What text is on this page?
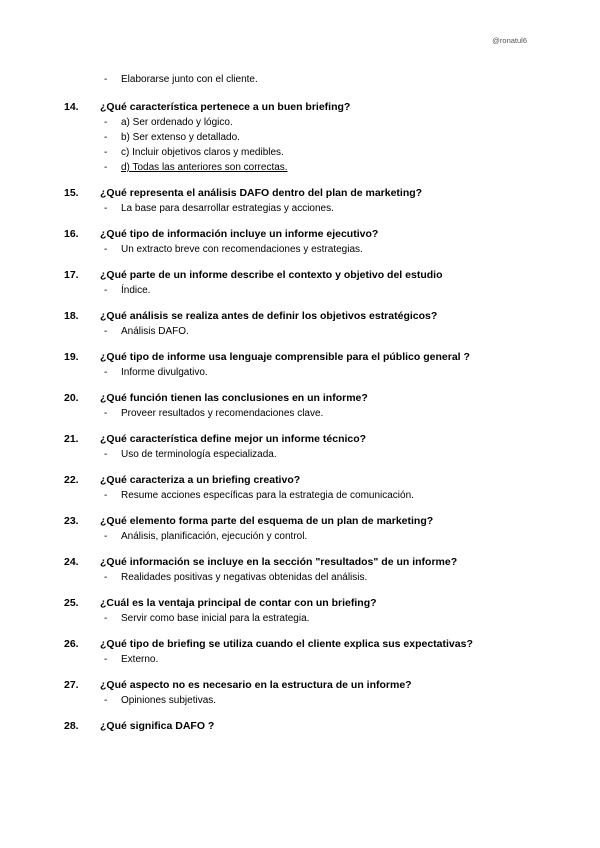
@ronatul6
- Elaborarse junto con el cliente.
14. ¿Qué característica pertenece a un buen briefing?
- a) Ser ordenado y lógico.
- b) Ser extenso y detallado.
- c) Incluir objetivos claros y medibles.
- d) Todas las anteriores son correctas.
15. ¿Qué representa el análisis DAFO dentro del plan de marketing?
- La base para desarrollar estrategias y acciones.
16. ¿Qué tipo de información incluye un informe ejecutivo?
- Un extracto breve con recomendaciones y estrategias.
17. ¿Qué parte de un informe describe el contexto y objetivo del estudio
- Índice.
18. ¿Qué análisis se realiza antes de definir los objetivos estratégicos?
- Análisis DAFO.
19. ¿Qué tipo de informe usa lenguaje comprensible para el público general ?
- Informe divulgativo.
20. ¿Qué función tienen las conclusiones en un informe?
- Proveer resultados y recomendaciones clave.
21. ¿Qué característica define mejor un informe técnico?
- Uso de terminología especializada.
22. ¿Qué caracteriza a un briefing creativo?
- Resume acciones específicas para la estrategia de comunicación.
23. ¿Qué elemento forma parte del esquema de un plan de marketing?
- Análisis, planificación, ejecución y control.
24. ¿Qué información se incluye en la sección "resultados" de un informe?
- Realidades positivas y negativas obtenidas del análisis.
25. ¿Cuál es la ventaja principal de contar con un briefing?
- Servir como base inicial para la estrategia.
26. ¿Qué tipo de briefing se utiliza cuando el cliente explica sus expectativas?
- Externo.
27. ¿Qué aspecto no es necesario en la estructura de un informe?
- Opiniones subjetivas.
28. ¿Qué significa DAFO ?
